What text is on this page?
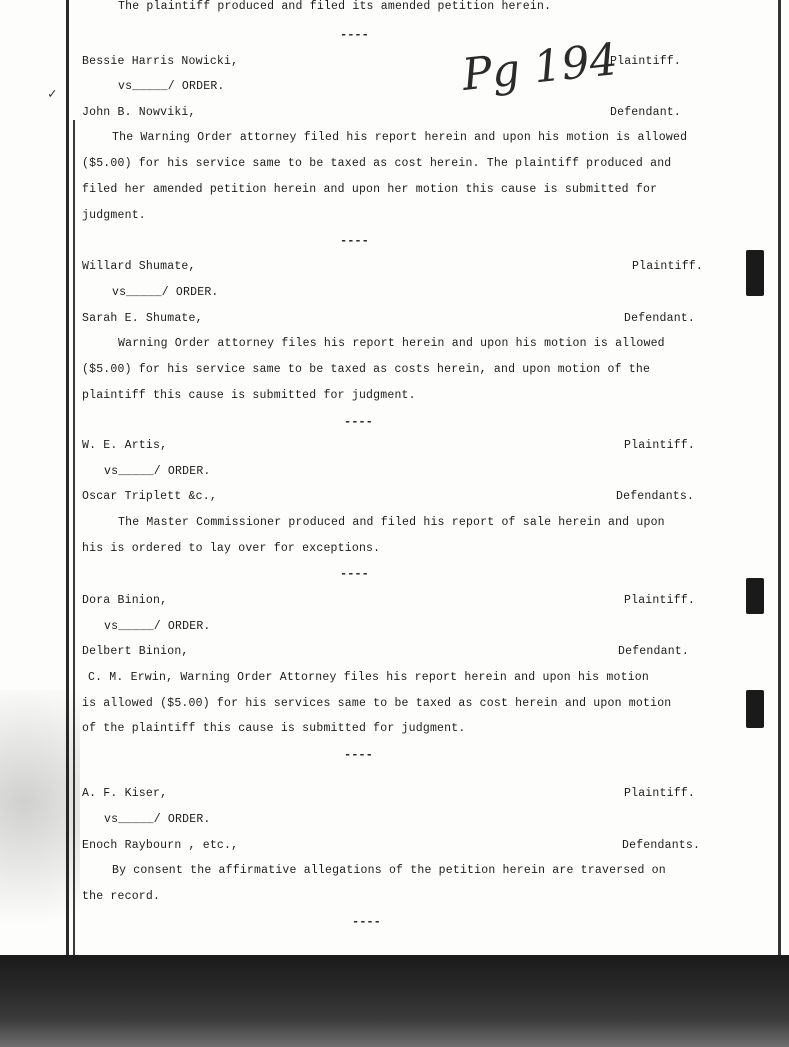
Pg 194
✓
The plaintiff produced and filed its amended petition herein.
----
Bessie Harris Nowicki,	Plaintiff.
vs_____/ ORDER.
John B. Nowviki,	Defendant.
The Warning Order attorney filed his report herein and upon his motion is allowed
($5.00) for his service same to be taxed as cost herein. The plaintiff produced and
filed her amended petition herein and upon her motion this cause is submitted for
judgment.
----
Willard Shumate,	Plaintiff.
vs_____/ ORDER.
Sarah E. Shumate,	Defendant.
Warning Order attorney files his report herein and upon his motion is allowed
($5.00) for his service same to be taxed as costs herein, and upon motion of the
plaintiff this cause is submitted for judgment.
----
W. E. Artis,	Plaintiff.
vs_____/ ORDER.
Oscar Triplett &c.,	Defendants.
The Master Commissioner produced and filed his report of sale herein and upon
his is ordered to lay over for exceptions.
----
Dora Binion,	Plaintiff.
vs_____/ ORDER.
Delbert Binion,	Defendant.
C. M. Erwin, Warning Order Attorney files his report herein and upon his motion
is allowed ($5.00) for his services same to be taxed as cost herein and upon motion
of the plaintiff this cause is submitted for judgment.
----
A. F. Kiser,	Plaintiff.
vs_____/ ORDER.
Enoch Raybourn , etc.,	Defendants.
By consent the affirmative allegations of the petition herein are traversed on
the record.
----
